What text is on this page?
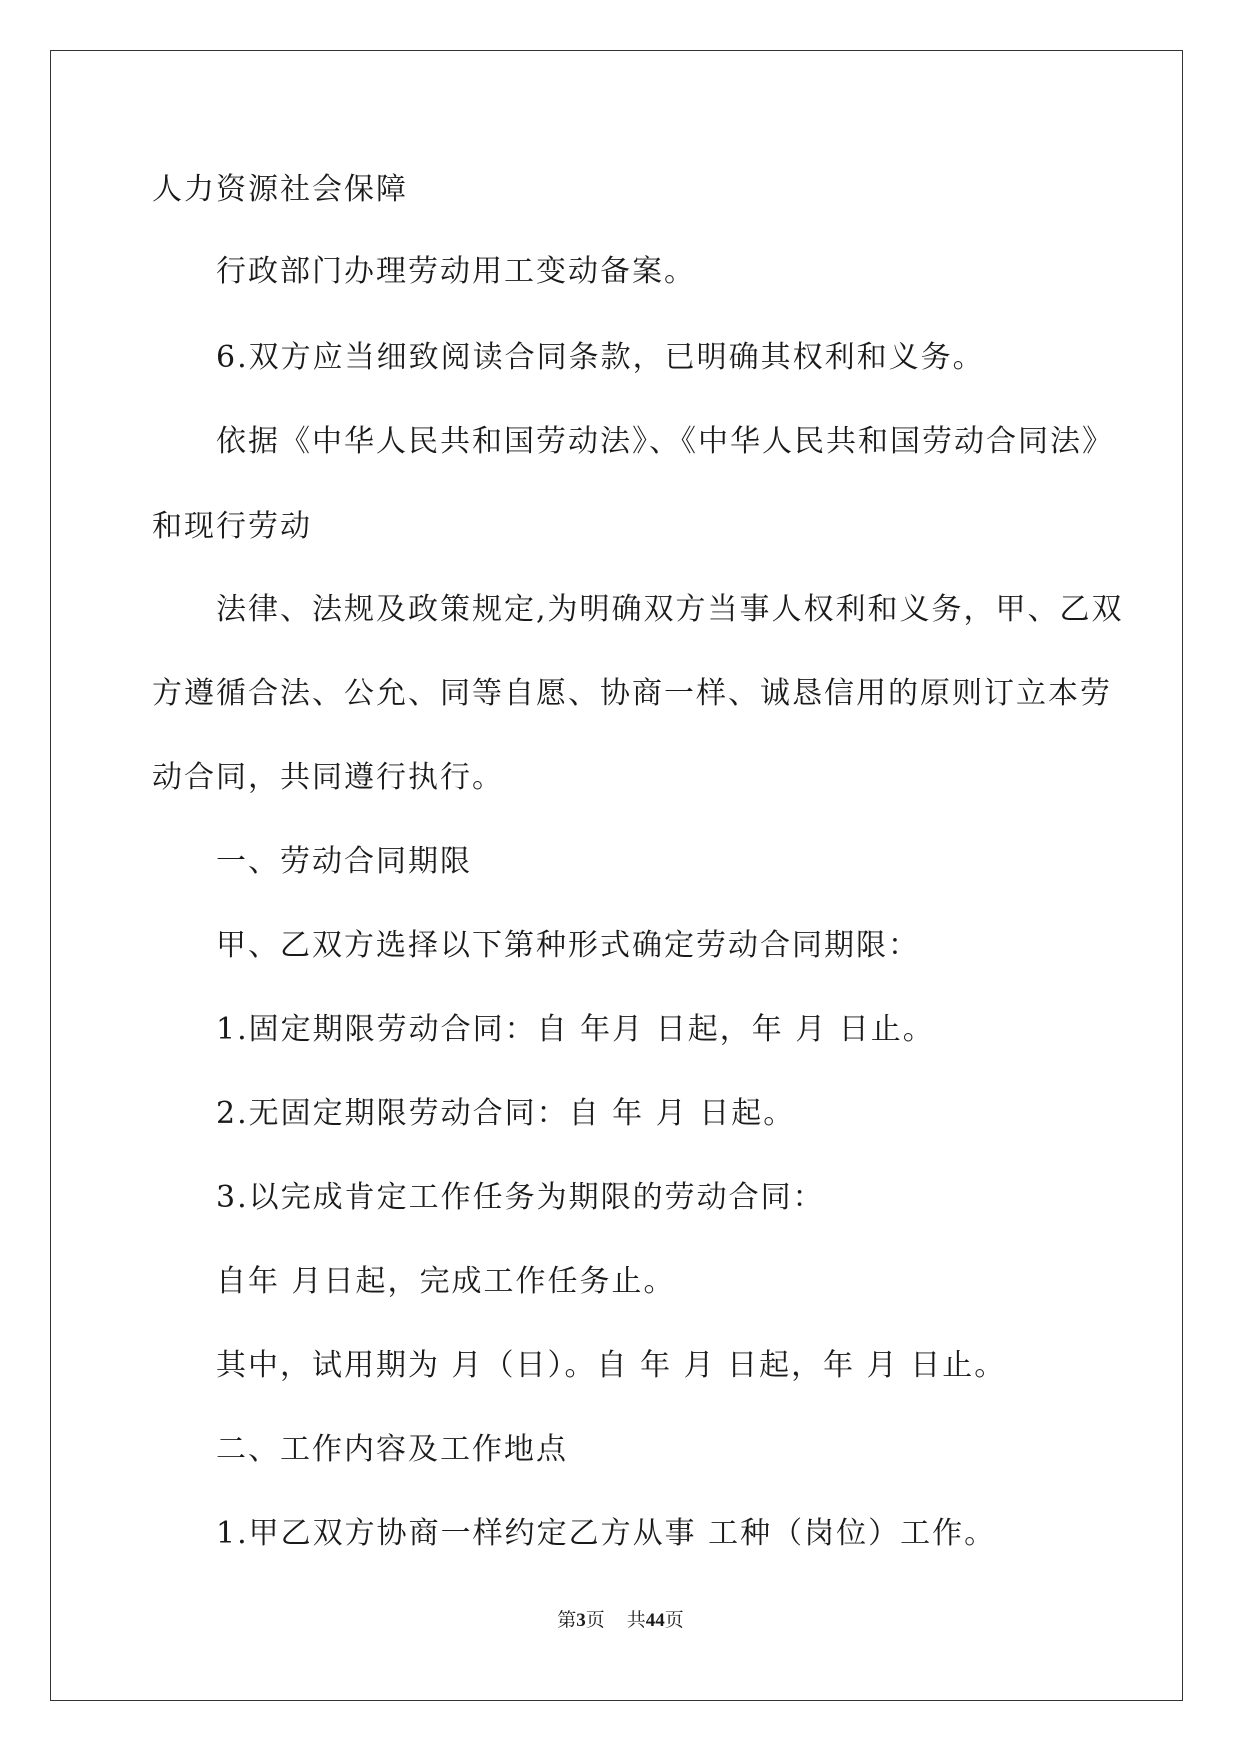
人力资源社会保障
行政部门办理劳动用工变动备案。
6.双方应当细致阅读合同条款，已明确其权利和义务。
依据《中华人民共和国劳动法》、《中华人民共和国劳动合同法》
和现行劳动
法律、法规及政策规定,为明确双方当事人权利和义务，甲、乙双
方遵循合法、公允、同等自愿、协商一样、诚恳信用的原则订立本劳
动合同，共同遵行执行。
一、劳动合同期限
甲、乙双方选择以下第种形式确定劳动合同期限：
1.固定期限劳动合同：自 年月 日起，年 月 日止。
2.无固定期限劳动合同：自 年 月 日起。
3.以完成肯定工作任务为期限的劳动合同：
自年 月日起，完成工作任务止。
其中，试用期为 月（日）。自 年 月 日起，年 月 日止。
二、工作内容及工作地点
1.甲乙双方协商一样约定乙方从事 工种（岗位）工作。
第3页 共44页
